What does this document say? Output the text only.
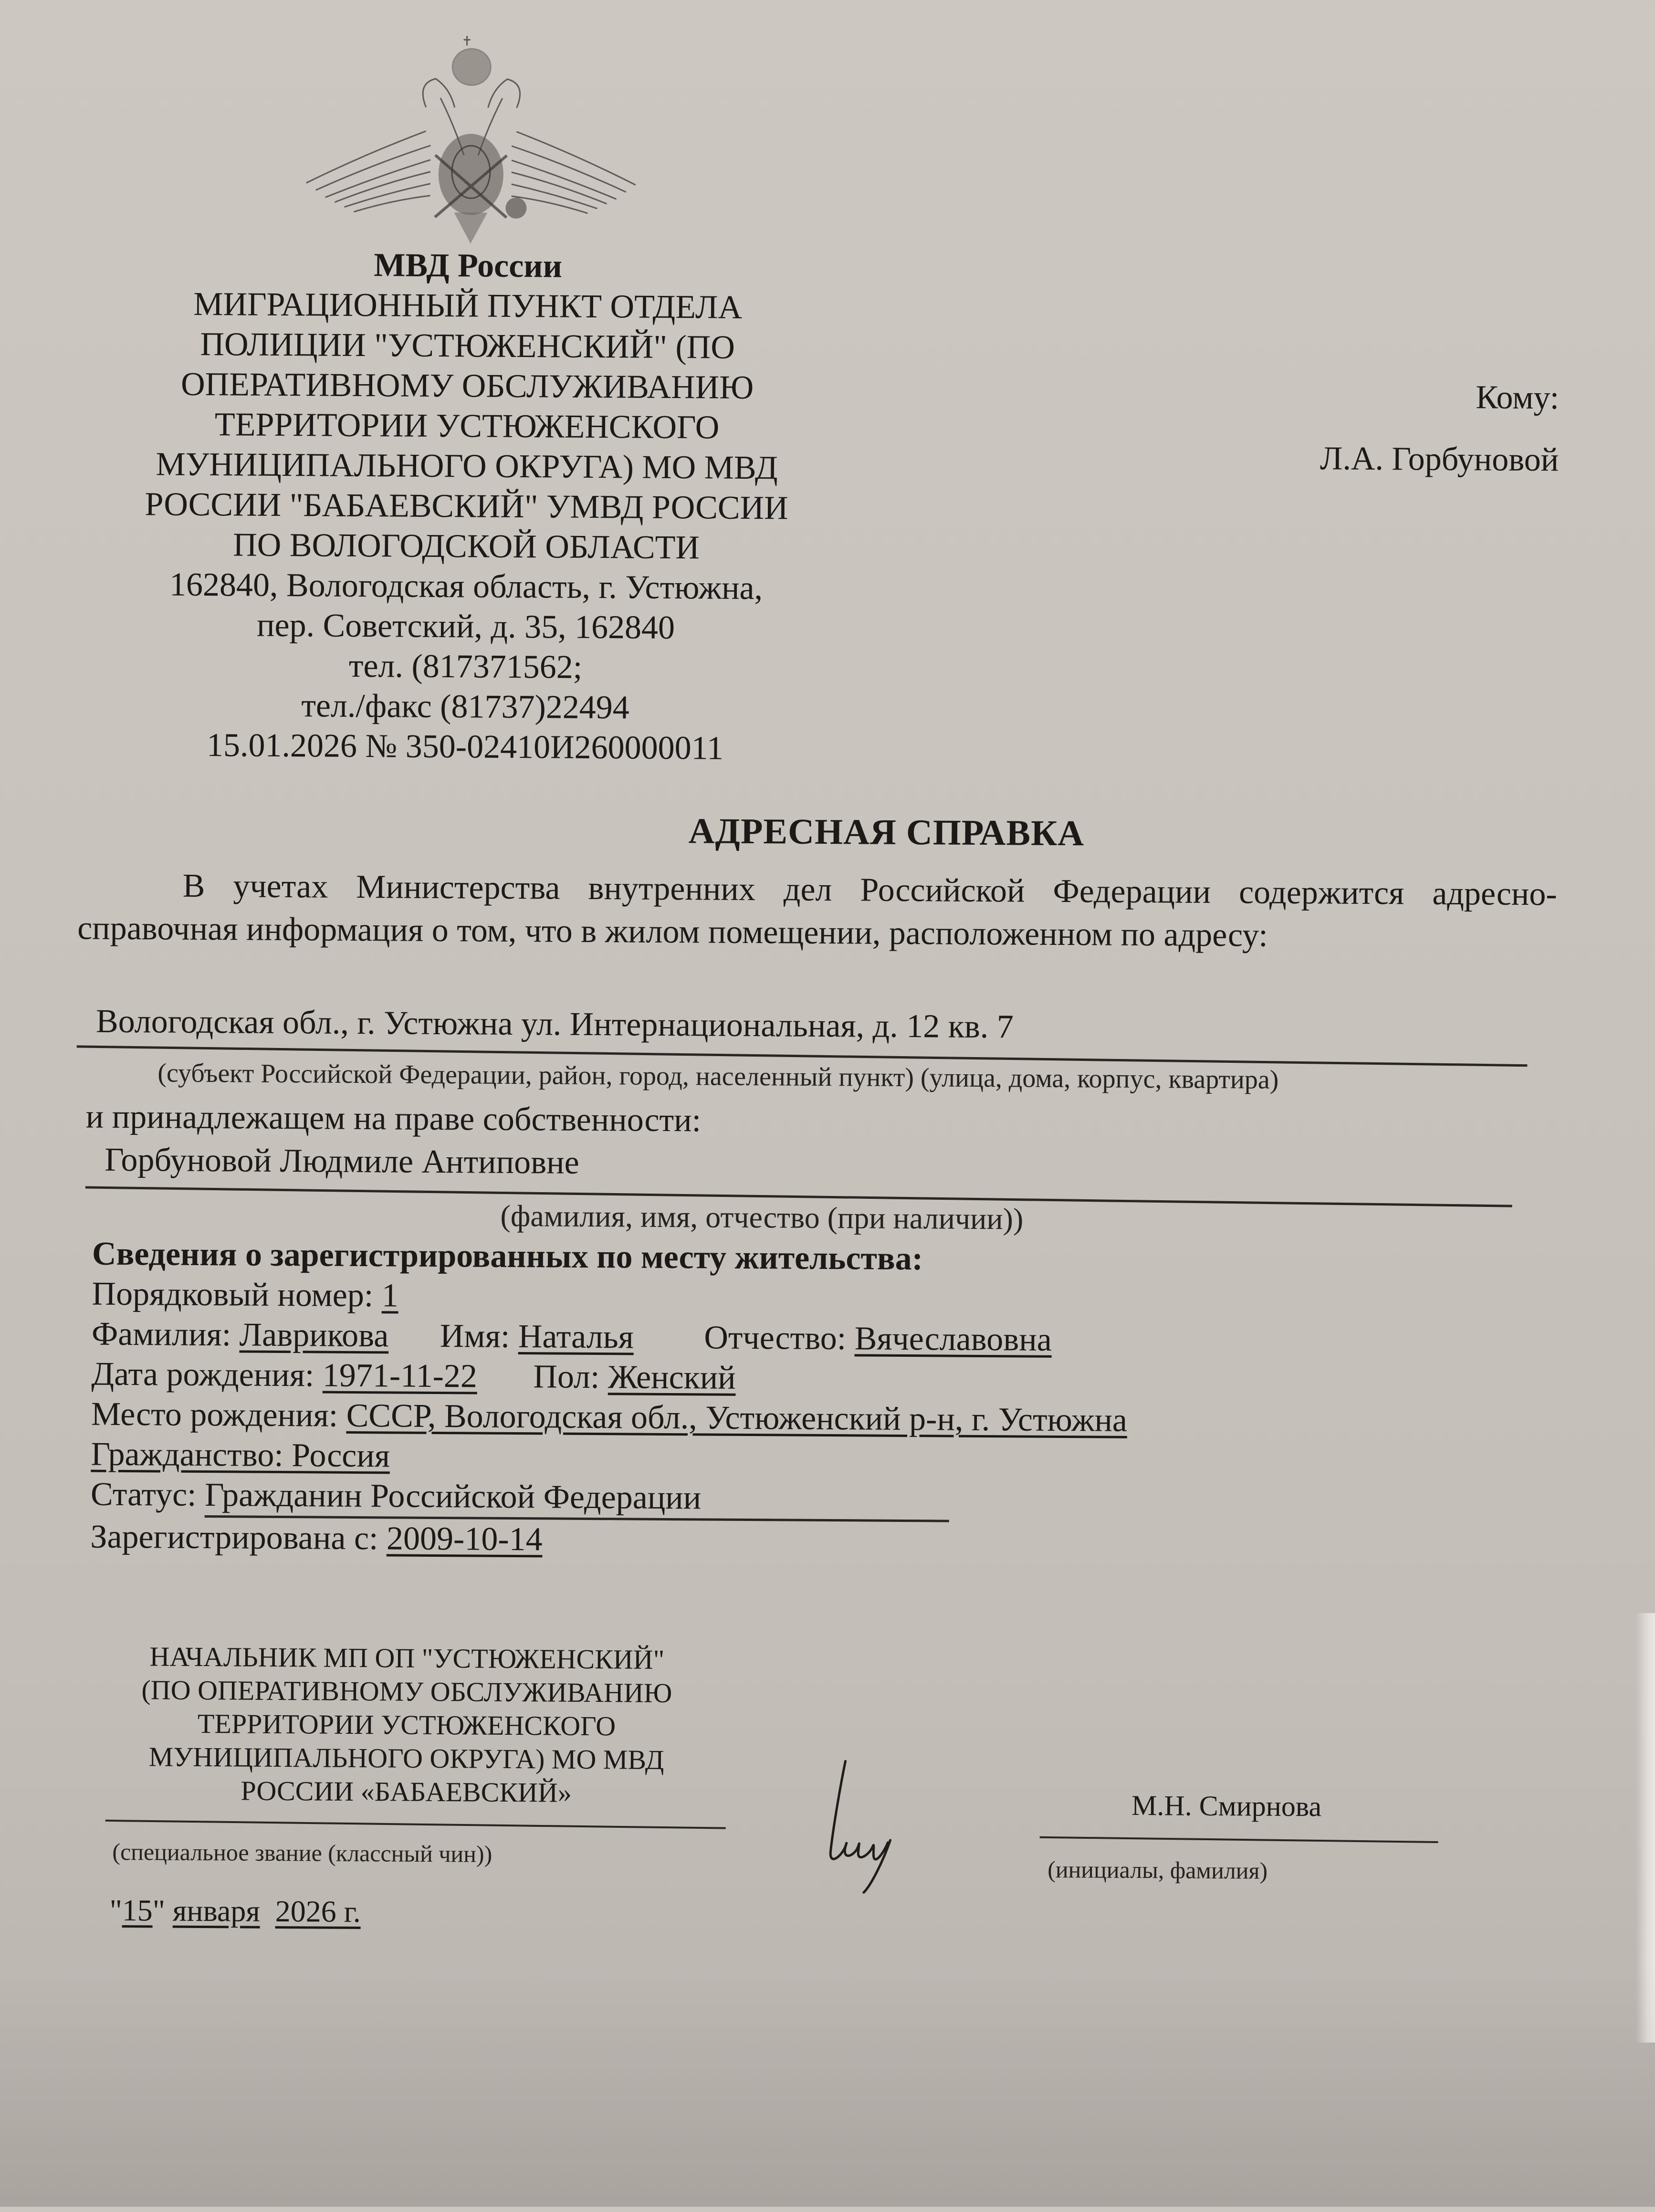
МВД России
МИГРАЦИОННЫЙ ПУНКТ ОТДЕЛА
ПОЛИЦИИ "УСТЮЖЕНСКИЙ" (ПО
ОПЕРАТИВНОМУ ОБСЛУЖИВАНИЮ
ТЕРРИТОРИИ УСТЮЖЕНСКОГО
МУНИЦИПАЛЬНОГО ОКРУГА) МО МВД
РОССИИ "БАБАЕВСКИЙ" УМВД РОССИИ
ПО ВОЛОГОДСКОЙ ОБЛАСТИ
162840, Вологодская область, г. Устюжна,
пер. Советский, д. 35, 162840
тел. (817371562;
тел./факс (81737)22494
15.01.2026 № 350-02410И260000011
Кому:
Л.А. Горбуновой
АДРЕСНАЯ СПРАВКА
В учетах Министерства внутренних дел Российской Федерации содержится адресно-справочная информация о том, что в жилом помещении, расположенном по адресу:
Вологодская обл., г. Устюжна ул. Интернациональная, д. 12 кв. 7
(субъект Российской Федерации, район, город, населенный пункт) (улица, дома, корпус, квартира)
и принадлежащем на праве собственности:
Горбуновой Людмиле Антиповне
(фамилия, имя, отчество (при наличии))
Сведения о зарегистрированных по месту жительства:
Порядковый номер: 1
Фамилия: Лаврикова Имя: Наталья Отчество: Вячеславовна
Дата рождения: 1971-11-22 Пол: Женский
Место рождения: СССР, Вологодская обл., Устюженский р-н, г. Устюжна
Гражданство: Россия
Статус: Гражданин Российской Федерации
Зарегистрирована с: 2009-10-14
НАЧАЛЬНИК МП ОП "УСТЮЖЕНСКИЙ"
(ПО ОПЕРАТИВНОМУ ОБСЛУЖИВАНИЮ
ТЕРРИТОРИИ УСТЮЖЕНСКОГО
МУНИЦИПАЛЬНОГО ОКРУГА) МО МВД
РОССИИ «БАБАЕВСКИЙ»
(специальное звание (классный чин))
М.Н. Смирнова
(инициалы, фамилия)
"15" января 2026 г.
